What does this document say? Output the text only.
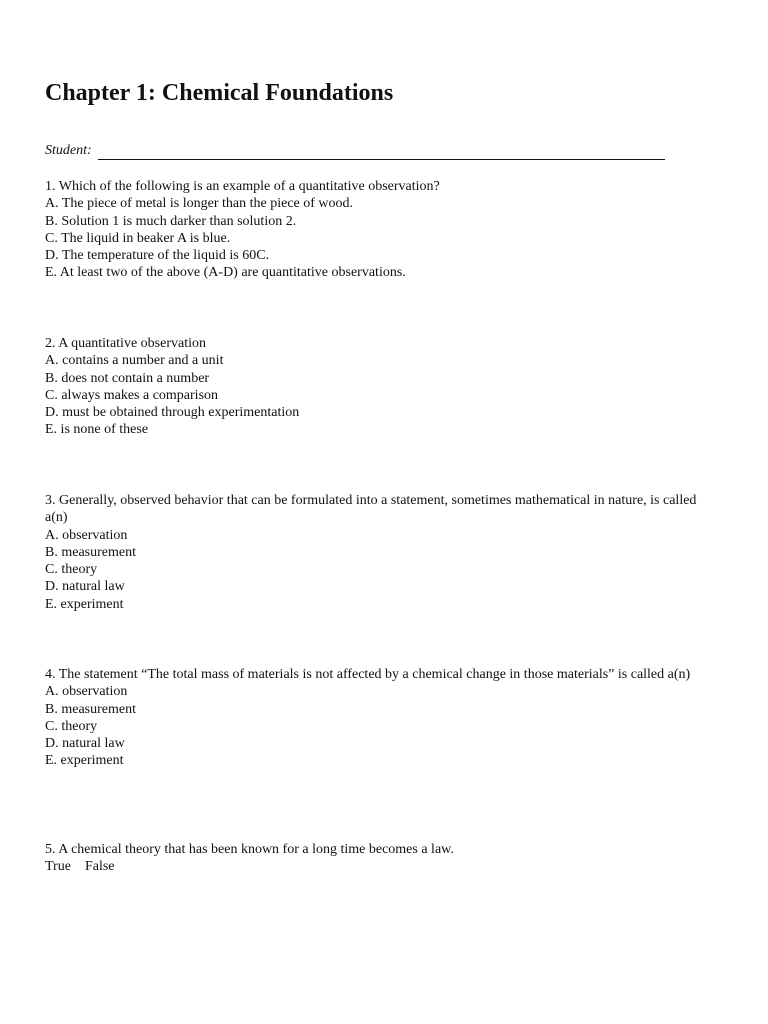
Chapter 1: Chemical Foundations
Student:

1. Which of the following is an example of a quantitative observation?

A. The piece of metal is longer than the piece of wood.

B. Solution 1 is much darker than solution 2.

C. The liquid in beaker A is blue.

D. The temperature of the liquid is 60C.

E. At least two of the above (A-D) are quantitative observations.

2. A quantitative observation

A. contains a number and a unit

B. does not contain a number

C. always makes a comparison

D. must be obtained through experimentation

E. is none of these

3. Generally, observed behavior that can be formulated into a statement, sometimes mathematical in nature, is called a(n)

A. observation

B. measurement

C. theory

D. natural law

E. experiment

4. The statement “The total mass of materials is not affected by a chemical change in those materials” is called a(n)

A. observation

B. measurement

C. theory

D. natural law

E. experiment

5. A chemical theory that has been known for a long time becomes a law.

True False
